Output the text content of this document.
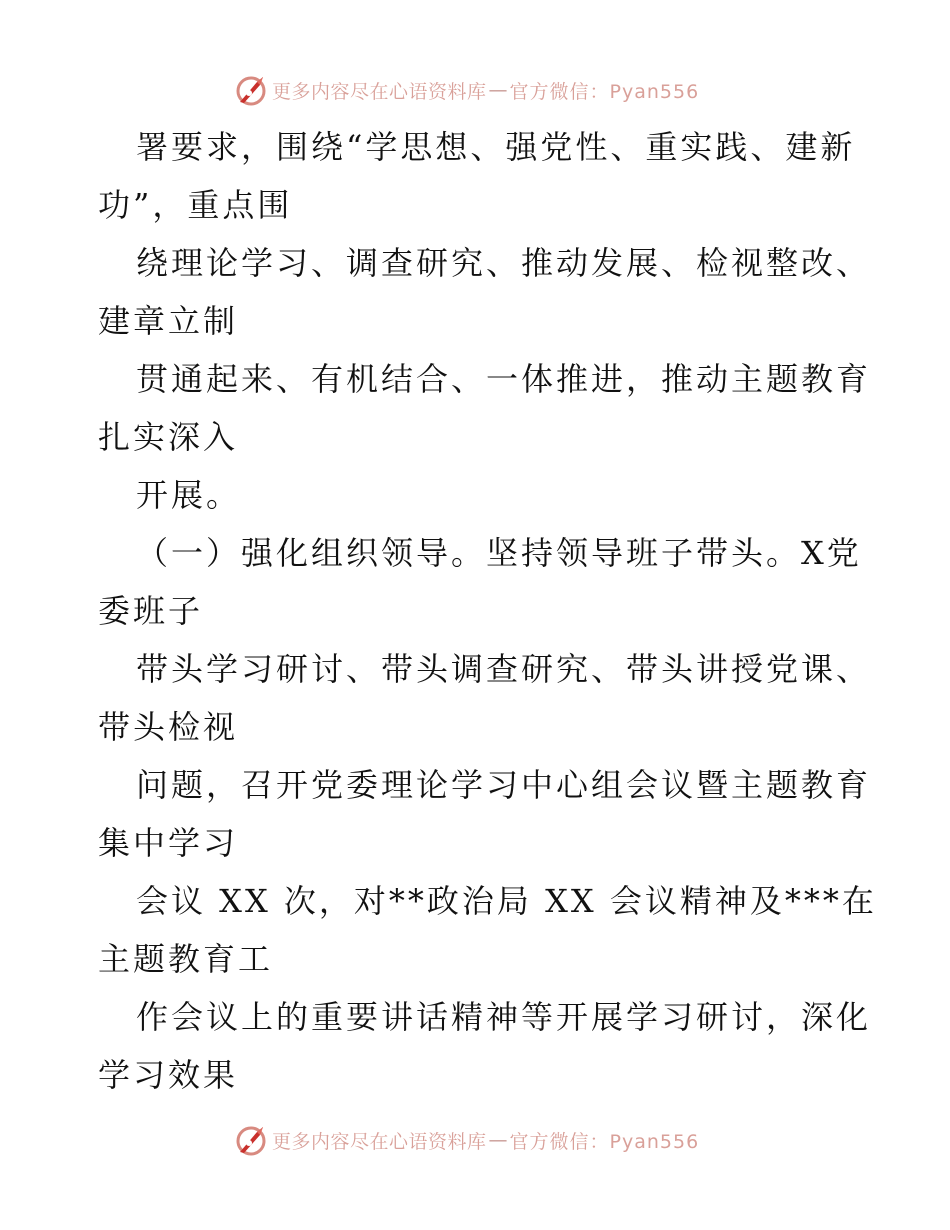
更多内容尽在心语资料库 — 官方微信：Pyan556
署要求，围绕“学思想、强党性、重实践、建新
功”，重点围
绕理论学习、调查研究、推动发展、检视整改、
建章立制
贯通起来、有机结合、一体推进，推动主题教育
扎实深入
开展。
（一）强化组织领导。坚持领导班子带头。X党
委班子
带头学习研讨、带头调查研究、带头讲授党课、
带头检视
问题，召开党委理论学习中心组会议暨主题教育
集中学习
会议 XX 次，对**政治局 XX 会议精神及***在
主题教育工
作会议上的重要讲话精神等开展学习研讨，深化
学习效果
更多内容尽在心语资料库 — 官方微信：Pyan556
